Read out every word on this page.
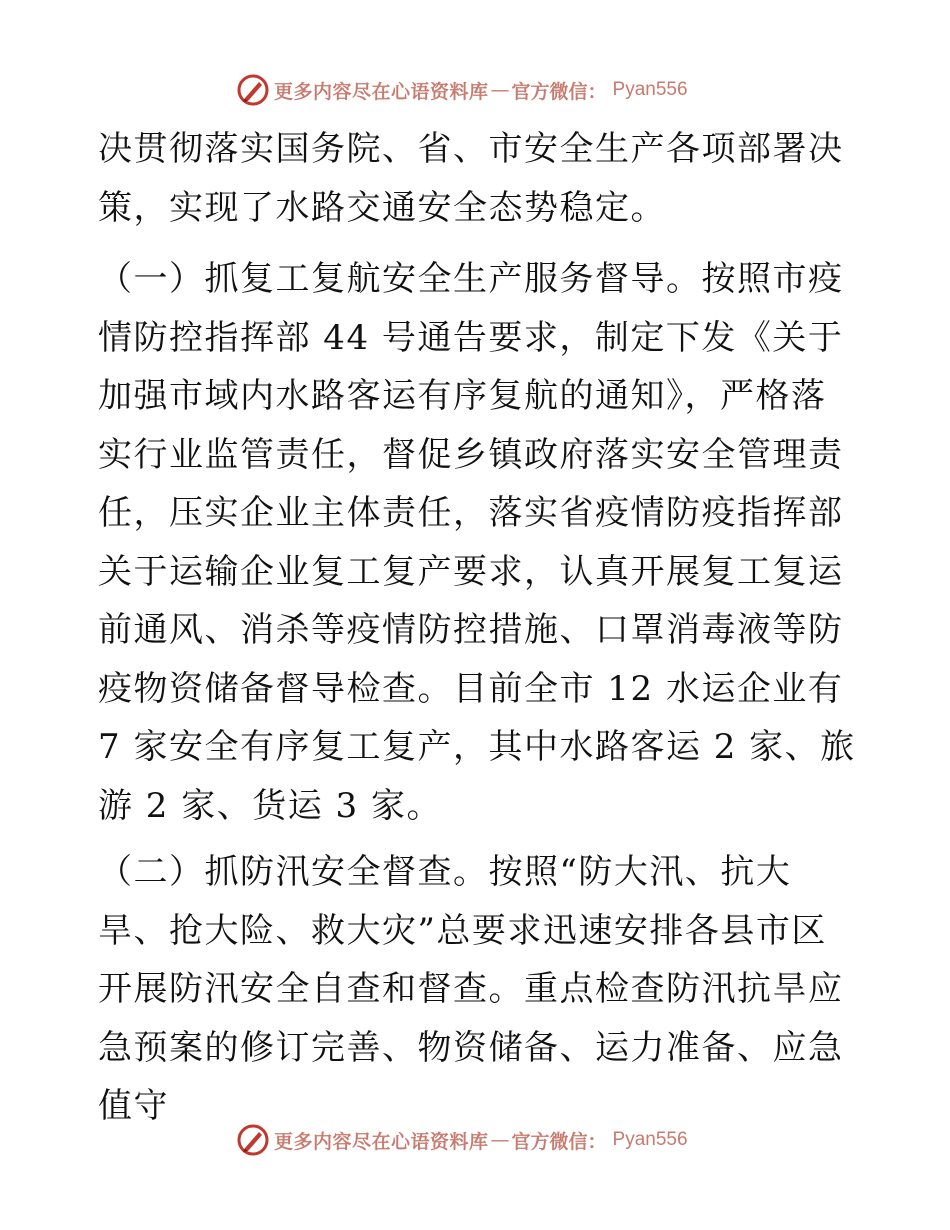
更多内容尽在心语资料库 — 官方微信： Pyan556

决贯彻落实国务院、省、市安全生产各项部署决策，实现了水路交通安全态势稳定。

（一）抓复工复航安全生产服务督导。按照市疫情防控指挥部 44 号通告要求，制定下发《关于加强市域内水路客运有序复航的通知》，严格落实行业监管责任，督促乡镇政府落实安全管理责任，压实企业主体责任，落实省疫情防疫指挥部关于运输企业复工复产要求，认真开展复工复运前通风、消杀等疫情防控措施、口罩消毒液等防疫物资储备督导检查。目前全市 12 水运企业有 7 家安全有序复工复产，其中水路客运 2 家、旅游 2 家、货运 3 家。

（二）抓防汛安全督查。按照“防大汛、抗大旱、抢大险、救大灾”总要求迅速安排各县市区开展防汛安全自查和督查。重点检查防汛抗旱应急预案的修订完善、物资储备、运力准备、应急值守

更多内容尽在心语资料库 — 官方微信： Pyan556
